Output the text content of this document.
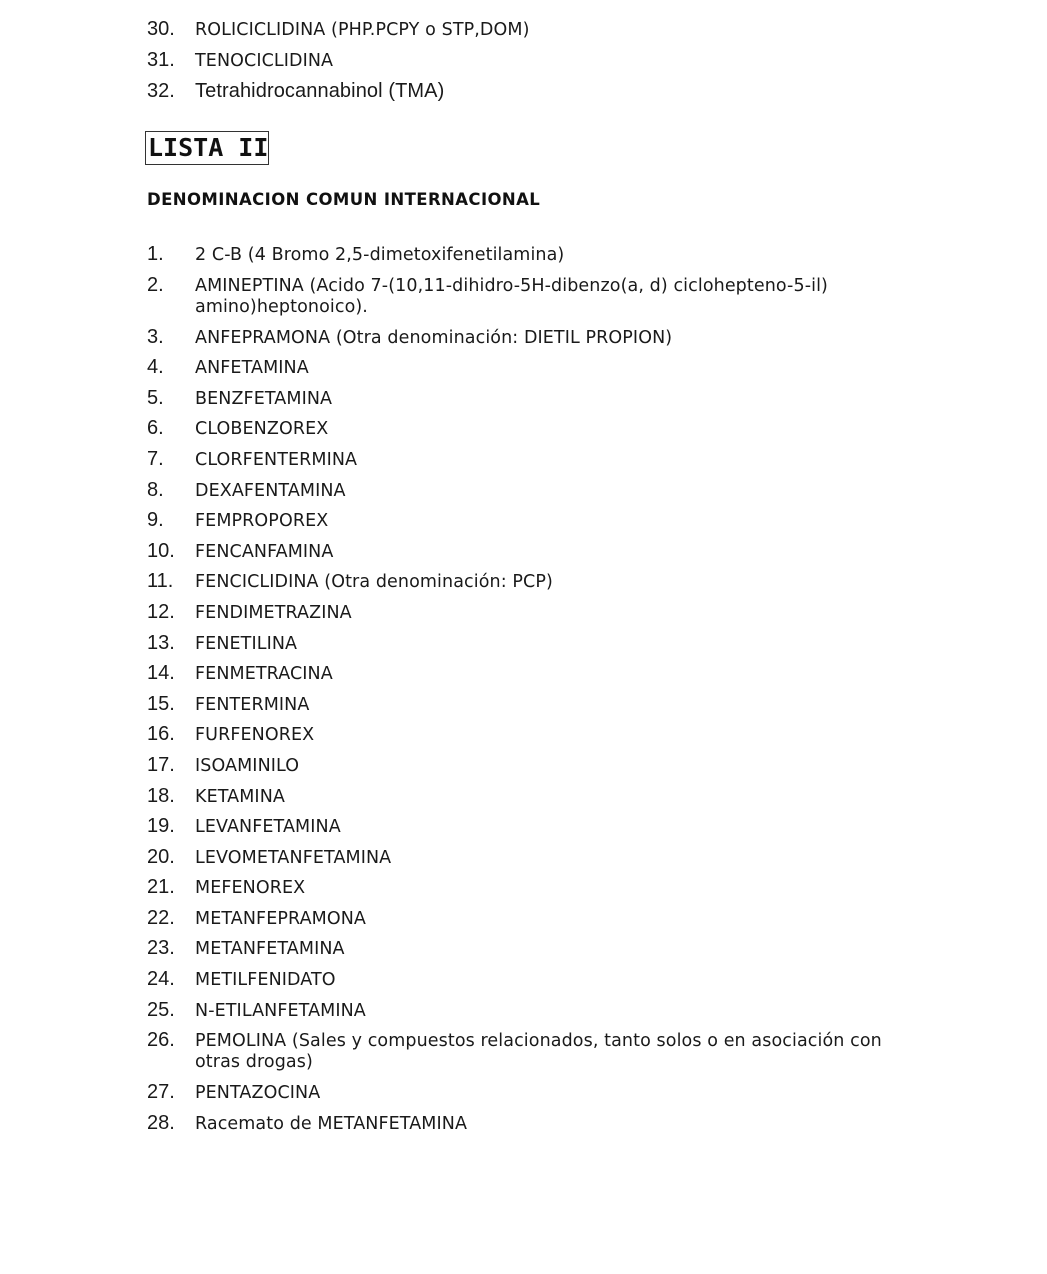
30.	ROLICICLIDINA (PHP.PCPY o STP,DOM)
31.	TENOCICLIDINA
32.	Tetrahidrocannabinol (TMA)
LISTA II
DENOMINACION COMUN INTERNACIONAL
1.	2 C-B (4 Bromo 2,5-dimetoxifenetilamina)
2.	AMINEPTINA (Acido 7-(10,11-dihidro-5H-dibenzo(a, d) ciclohepteno-5-il) amino)heptonoico).
3.	ANFEPRAMONA (Otra denominación: DIETIL PROPION)
4.	ANFETAMINA
5.	BENZFETAMINA
6.	CLOBENZOREX
7.	CLORFENTERMINA
8.	DEXAFENTAMINA
9.	FEMPROPOREX
10.	FENCANFAMINA
11.	FENCICLIDINA (Otra denominación: PCP)
12.	FENDIMETRAZINA
13.	FENETILINA
14.	FENMETRACINA
15.	FENTERMINA
16.	FURFENOREX
17.	ISOAMINILO
18.	KETAMINA
19.	LEVANFETAMINA
20.	LEVOMETANFETAMINA
21.	MEFENOREX
22.	METANFEPRAMONA
23.	METANFETAMINA
24.	METILFENIDATO
25.	N-ETILANFETAMINA
26.	PEMOLINA (Sales y compuestos relacionados, tanto solos o en asociación con otras drogas)
27.	PENTAZOCINA
28.	Racemato de METANFETAMINA
